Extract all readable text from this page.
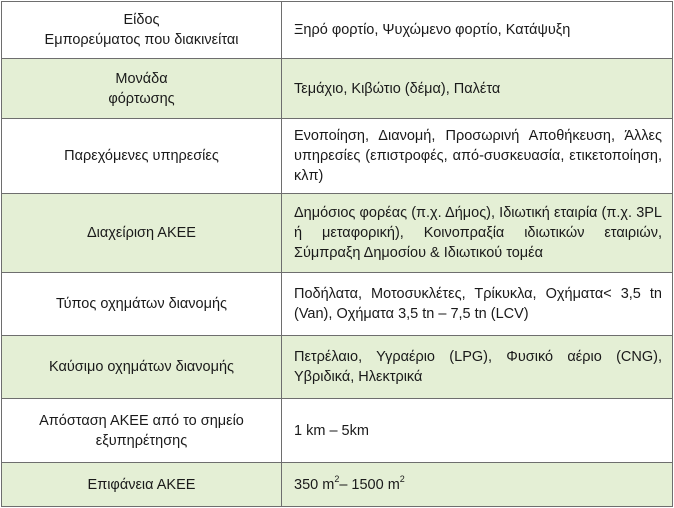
Είδος
Εμπορεύματος που διακινείται	Ξηρό φορτίο, Ψυχώμενο φορτίο, Κατάψυξη

Μονάδα
φόρτωσης	Τεμάχιο, Κιβώτιο (δέμα), Παλέτα

Παρεχόμενες υπηρεσίες	Ενοποίηση, Διανομή, Προσωρινή Αποθήκευση, Άλλες υπηρεσίες (επιστροφές, από-συσκευασία, ετικετοποίηση, κλπ)

Διαχείριση ΑΚΕΕ	Δημόσιος φορέας (π.χ. Δήμος), Ιδιωτική εταιρία (π.χ. 3PL ή μεταφορική), Κοινοπραξία ιδιωτικών εταιριών, Σύμπραξη Δημοσίου & Ιδιωτικού τομέα

Τύπος οχημάτων διανομής	Ποδήλατα, Μοτοσυκλέτες, Τρίκυκλα, Οχήματα< 3,5 tn (Van), Οχήματα 3,5 tn – 7,5 tn (LCV)

Καύσιμο οχημάτων διανομής	Πετρέλαιο, Υγραέριο (LPG), Φυσικό αέριο (CNG), Υβριδικά, Ηλεκτρικά

Απόσταση ΑΚΕΕ από το σημείο
εξυπηρέτησης	1 km – 5km

Επιφάνεια ΑΚΕΕ	350 $m^2-$ 1500 $m^2$
